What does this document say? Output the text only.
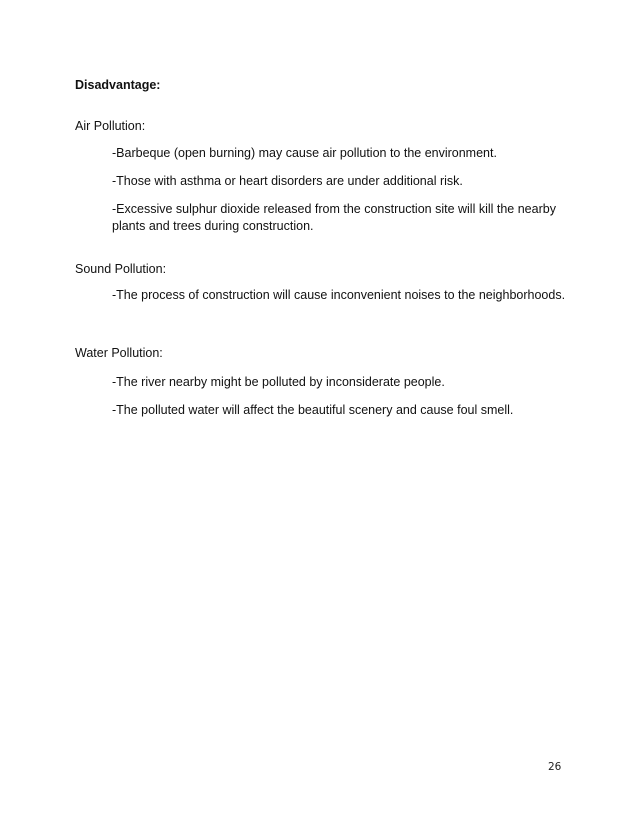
Disadvantage:

Air Pollution:

-Barbeque (open burning) may cause air pollution to the environment.

-Those with asthma or heart disorders are under additional risk.

-Excessive sulphur dioxide released from the construction site will kill the nearby plants and trees during construction.

Sound Pollution:

-The process of construction will cause inconvenient noises to the neighborhoods.

Water Pollution:

-The river nearby might be polluted by inconsiderate people.

-The polluted water will affect the beautiful scenery and cause foul smell.

26
